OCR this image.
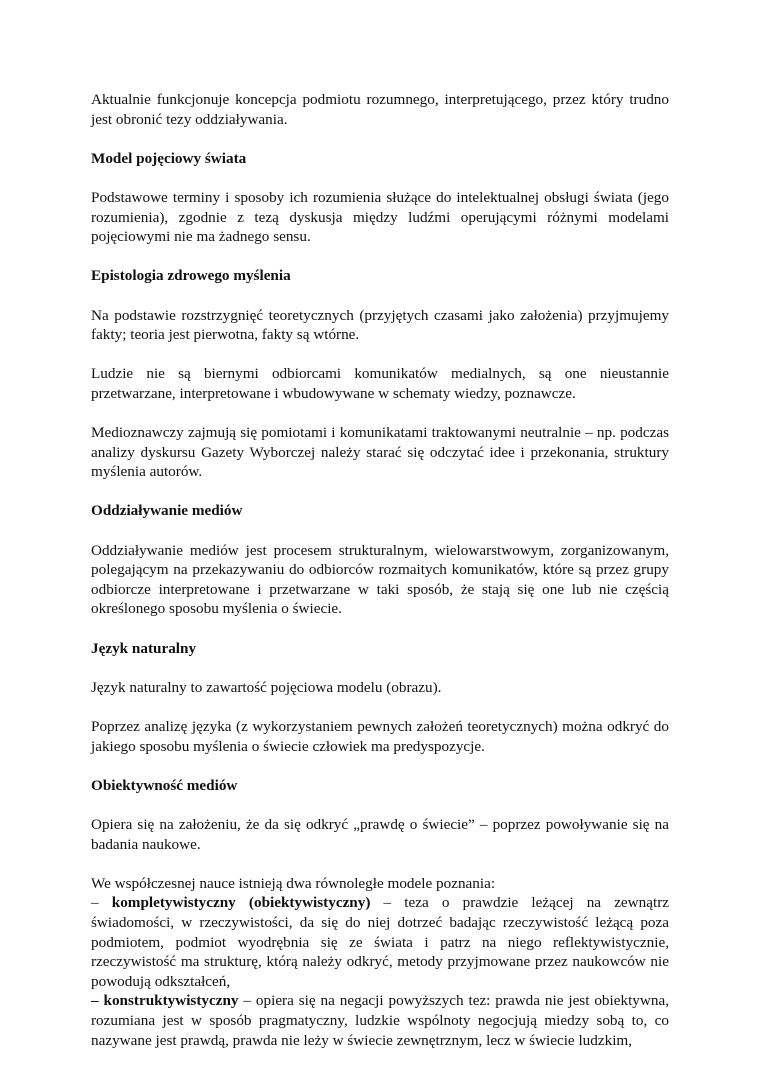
Aktualnie funkcjonuje koncepcja podmiotu rozumnego, interpretującego, przez który trudno jest obronić tezy oddziaływania.

Model pojęciowy świata

Podstawowe terminy i sposoby ich rozumienia służące do intelektualnej obsługi świata (jego rozumienia), zgodnie z tezą dyskusja między ludźmi operującymi różnymi modelami pojęciowymi nie ma żadnego sensu.

Epistologia zdrowego myślenia

Na podstawie rozstrzygnięć teoretycznych (przyjętych czasami jako założenia) przyjmujemy fakty; teoria jest pierwotna, fakty są wtórne.

Ludzie nie są biernymi odbiorcami komunikatów medialnych, są one nieustannie przetwarzane, interpretowane i wbudowywane w schematy wiedzy, poznawcze.

Medioznawczy zajmują się pomiotami i komunikatami traktowanymi neutralnie – np. podczas analizy dyskursu Gazety Wyborczej należy starać się odczytać idee i przekonania, struktury myślenia autorów.

Oddziaływanie mediów

Oddziaływanie mediów jest procesem strukturalnym, wielowarstwowym, zorganizowanym, polegającym na przekazywaniu do odbiorców rozmaitych komunikatów, które są przez grupy odbiorcze interpretowane i przetwarzane w taki sposób, że stają się one lub nie częścią określonego sposobu myślenia o świecie.

Język naturalny

Język naturalny to zawartość pojęciowa modelu (obrazu).

Poprzez analizę języka (z wykorzystaniem pewnych założeń teoretycznych) można odkryć do jakiego sposobu myślenia o świecie człowiek ma predyspozycje.

Obiektywność mediów

Opiera się na założeniu, że da się odkryć „prawdę o świecie” – poprzez powoływanie się na badania naukowe.

We współczesnej nauce istnieją dwa równoległe modele poznania:

– kompletywistyczny (obiektywistyczny) – teza o prawdzie leżącej na zewnątrz świadomości, w rzeczywistości, da się do niej dotrzeć badając rzeczywistość leżącą poza podmiotem, podmiot wyodrębnia się ze świata i patrz na niego reflektywistycznie, rzeczywistość ma strukturę, którą należy odkryć, metody przyjmowane przez naukowców nie powodują odkształceń,

– konstruktywistyczny – opiera się na negacji powyższych tez: prawda nie jest obiektywna, rozumiana jest w sposób pragmatyczny, ludzkie wspólnoty negocjują miedzy sobą to, co nazywane jest prawdą, prawda nie leży w świecie zewnętrznym, lecz w świecie ludzkim,
